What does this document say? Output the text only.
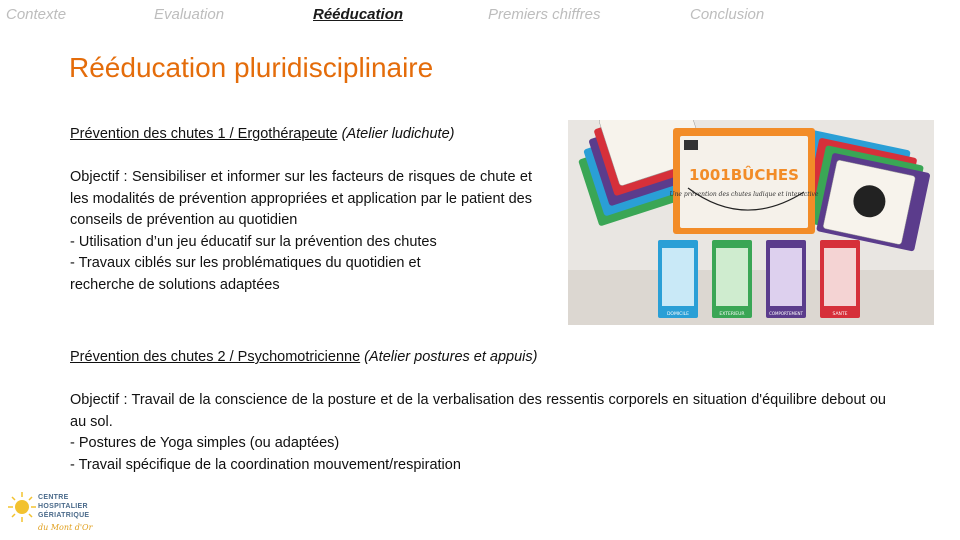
Contexte	Evaluation	Rééducation	Premiers chiffres	Conclusion
Rééducation pluridisciplinaire
Prévention des chutes 1 / Ergothérapeute (Atelier ludichute)
Objectif : Sensibiliser et informer sur les facteurs de risques de chute et les modalités de prévention appropriées et application par le patient des conseils de prévention au quotidien
- Utilisation d’un jeu éducatif sur la prévention des chutes
- Travaux ciblés sur les problématiques du quotidien et recherche de solutions adaptées
1001BÛCHES
Une prévention des chutes ludique et interactive
DOMICILE	EXTERIEUR	COMPORTEMENT	SANTE
Prévention des chutes 2 / Psychomotricienne (Atelier postures et appuis)
Objectif : Travail de la conscience de la posture et de la verbalisation des ressentis corporels en situation d'équilibre debout ou au sol.
- Postures de Yoga simples (ou adaptées)
- Travail spécifique de la coordination mouvement/respiration
CENTRE
HOSPITALIER
GÉRIATRIQUE
du Mont d'Or
